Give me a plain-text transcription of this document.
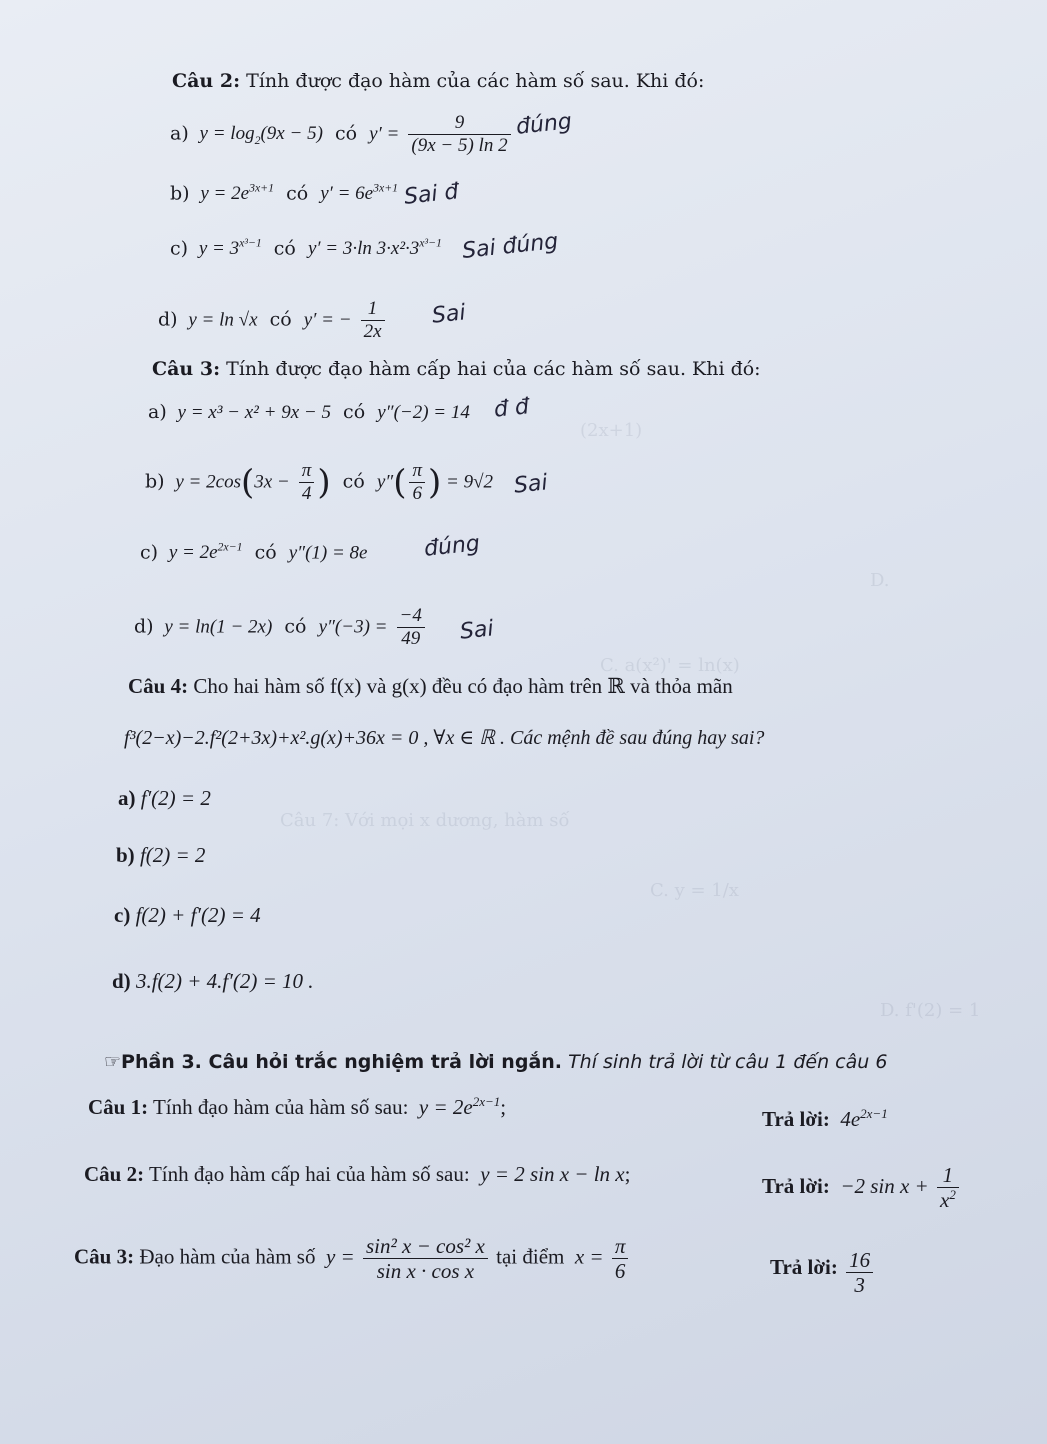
(2x+1)
D.
C. a(x²)' = ln(x)
Câu 7: Với mọi x dương, hàm số
C. y = 1/x
D. f'(2) = 1
Câu 2: Tính được đạo hàm của các hàm số sau. Khi đó:
a)  $y = \log_2(9x - 5)$  có  $y' = \frac{9}{(9x - 5) \ln 2}$ đúng
b)  $y = 2e^{3x+1}$  có  $y' = 6e^{3x+1}$ Sai đ
c)  $y = 3^{x^3-1}$  có  y′ = 3·ln $3\cdot x^2\cdot 3^{x^3-1}$ Sai đúng
d)  y = ln √x  có  y′ = − $\frac{1}{2x}$ Sai
Câu 3: Tính được đạo hàm cấp hai của các hàm số sau. Khi đó:
a)  y = x³ − x² + 9x − 5  có  y″(−2) = 14 đ đ
b)  $y = 2\cos(3x - \frac{\pi}{4}$ )  có  $y''( \frac{\pi}{6}$ ) = 9√2 Sai
c)  $y = 2e^{2x-1}$  có  y″(1) = 8e	đúng
d)  y = ln(1 − 2x)  có  $y''(-3) = \frac{-4}{49}$ Sai
Câu 4: Cho hai hàm số f(x) và g(x) đều có đạo hàm trên ℝ và thỏa mãn
f³(2−x)−2.f²(2+3x)+x².g(x)+36x = 0 , ∀x ∈ ℝ . Các mệnh đề sau đúng hay sai?
a) f′(2) = 2
b) f(2) = 2
c) f(2) + f′(2) = 4
d) 3.f(2) + 4.f′(2) = 10 .
☞Phần 3. Câu hỏi trắc nghiệm trả lời ngắn. Thí sinh trả lời từ câu 1 đến câu 6
Câu 1: Tính đạo hàm của hàm số sau:  $y = 2e^{2x-1}$;	Trả lời:  $4e^{2x-1}$
Câu 2: Tính đạo hàm cấp hai của hàm số sau:  y = 2 sin x − ln x;
Trả lời:  −2 $\sin x + \frac{1}{x^2}$
Câu 3: Đạo hàm của hàm số  $y = \frac{\text{sin² x − cos² x}}{\text{sin x · cos x}}$ tại điểm  $x = \frac{\pi}{6}$	Trả lời: $\frac{16}{3}$
